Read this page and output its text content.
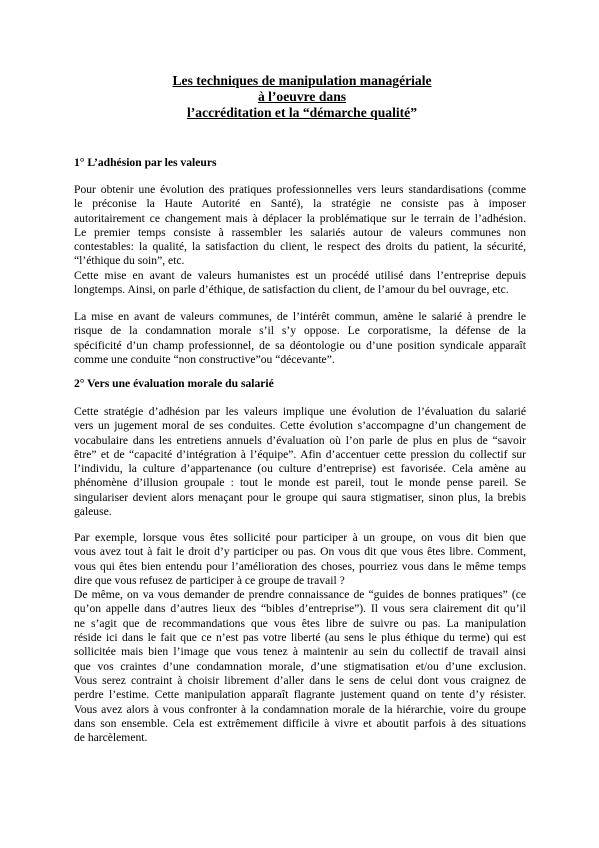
Les techniques de manipulation managériale
à l’oeuvre dans
l’accréditation et la “démarche qualité”
1° L’adhésion par les valeurs
Pour obtenir une évolution des pratiques professionnelles vers leurs standardisations (comme
le préconise la Haute Autorité en Santé), la stratégie ne consiste pas à imposer
autoritairement ce changement mais à déplacer la problématique sur le terrain de l’adhésion.
Le premier temps consiste à rassembler les salariés autour de valeurs communes non
contestables: la qualité, la satisfaction du client, le respect des droits du patient, la sécurité,
“l’éthique du soin”, etc.
Cette mise en avant de valeurs humanistes est un procédé utilisé dans l’entreprise depuis
longtemps. Ainsi, on parle d’éthique, de satisfaction du client, de l’amour du bel ouvrage, etc.
La mise en avant de valeurs communes, de l’intérêt commun, amène le salarié à prendre le
risque de la condamnation morale s’il s’y oppose. Le corporatisme, la défense de la
spécificité d’un champ professionnel, de sa déontologie ou d’une position syndicale apparaît
comme une conduite “non constructive”ou “décevante”.
2° Vers une évaluation morale du salarié
Cette stratégie d’adhésion par les valeurs implique une évolution de l’évaluation du salarié
vers un jugement moral de ses conduites. Cette évolution s’accompagne d’un changement de
vocabulaire dans les entretiens annuels d’évaluation où l’on parle de plus en plus de “savoir
être” et de “capacité d’intégration à l’équipe”. Afin d’accentuer cette pression du collectif sur
l’individu, la culture d’appartenance (ou culture d’entreprise) est favorisée. Cela amène au
phénomène d’illusion groupale : tout le monde est pareil, tout le monde pense pareil. Se
singulariser devient alors menaçant pour le groupe qui saura stigmatiser, sinon plus, la brebis
galeuse.
Par exemple, lorsque vous êtes sollicité pour participer à un groupe, on vous dit bien que
vous avez tout à fait le droit d’y participer ou pas. On vous dit que vous êtes libre. Comment,
vous qui êtes bien entendu pour l’amélioration des choses, pourriez vous dans le même temps
dire que vous refusez de participer à ce groupe de travail ?
De même, on va vous demander de prendre connaissance de “guides de bonnes pratiques” (ce
qu’on appelle dans d’autres lieux des “bibles d’entreprise”). Il vous sera clairement dit qu’il
ne s’agit que de recommandations que vous êtes libre de suivre ou pas. La manipulation
réside ici dans le fait que ce n’est pas votre liberté (au sens le plus éthique du terme) qui est
sollicitée mais bien l’image que vous tenez à maintenir au sein du collectif de travail ainsi
que vos craintes d’une condamnation morale, d’une stigmatisation et/ou d’une exclusion.
Vous serez contraint à choisir librement d’aller dans le sens de celui dont vous craignez de
perdre l’estime. Cette manipulation apparaît flagrante justement quand on tente d’y résister.
Vous avez alors à vous confronter à la condamnation morale de la hiérarchie, voire du groupe
dans son ensemble. Cela est extrêmement difficile à vivre et aboutit parfois à des situations
de harcèlement.
